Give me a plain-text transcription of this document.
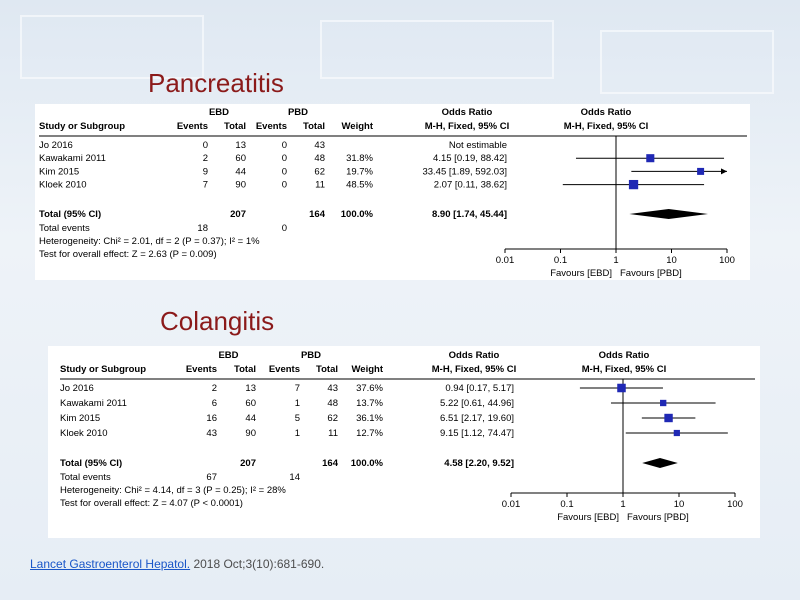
Pancreatitis
EBD	PBD	Odds Ratio	Odds Ratio
Study or Subgroup	Events Total Events Total Weight	M-H, Fixed, 95% CI	M-H, Fixed, 95% CI
Jo 2016	0	13	0	43	Not estimable
Kawakami 2011	2	60	0	48 31.8%	4.15 [0.19, 88.42]
Kim 2015	9	44	0	62 19.7%	33.45 [1.89, 592.03]
Kloek 2010	7	90	0	11 48.5%	2.07 [0.11, 38.62]
Total (95% CI)	207	164 100.0%	8.90 [1.74, 45.44]
Total events	18	0
Heterogeneity: Chi² = 2.01, df = 2 (P = 0.37); I² = 1%
Test for overall effect: Z = 2.63 (P = 0.009)
0.01	0.1	1	10	100
Favours [EBD] Favours [PBD]
Colangitis
EBD	PBD	Odds Ratio	Odds Ratio
Study or Subgroup	Events Total Events Total Weight	M-H, Fixed, 95% CI	M-H, Fixed, 95% CI
Jo 2016	2	13	7	43 37.6%	0.94 [0.17, 5.17]
Kawakami 2011	6	60	1	48 13.7%	5.22 [0.61, 44.96]
Kim 2015	16	44	5	62 36.1%	6.51 [2.17, 19.60]
Kloek 2010	43	90	1	11 12.7%	9.15 [1.12, 74.47]
Total (95% CI)	207	164 100.0%	4.58 [2.20, 9.52]
Total events	67	14
Heterogeneity: Chi² = 4.14, df = 3 (P = 0.25); I² = 28%
Test for overall effect: Z = 4.07 (P < 0.0001)	0.01	0.1	1	10	100
Favours [EBD] Favours [PBD]
Lancet Gastroenterol Hepatol. 2018 Oct;3(10):681-690.
